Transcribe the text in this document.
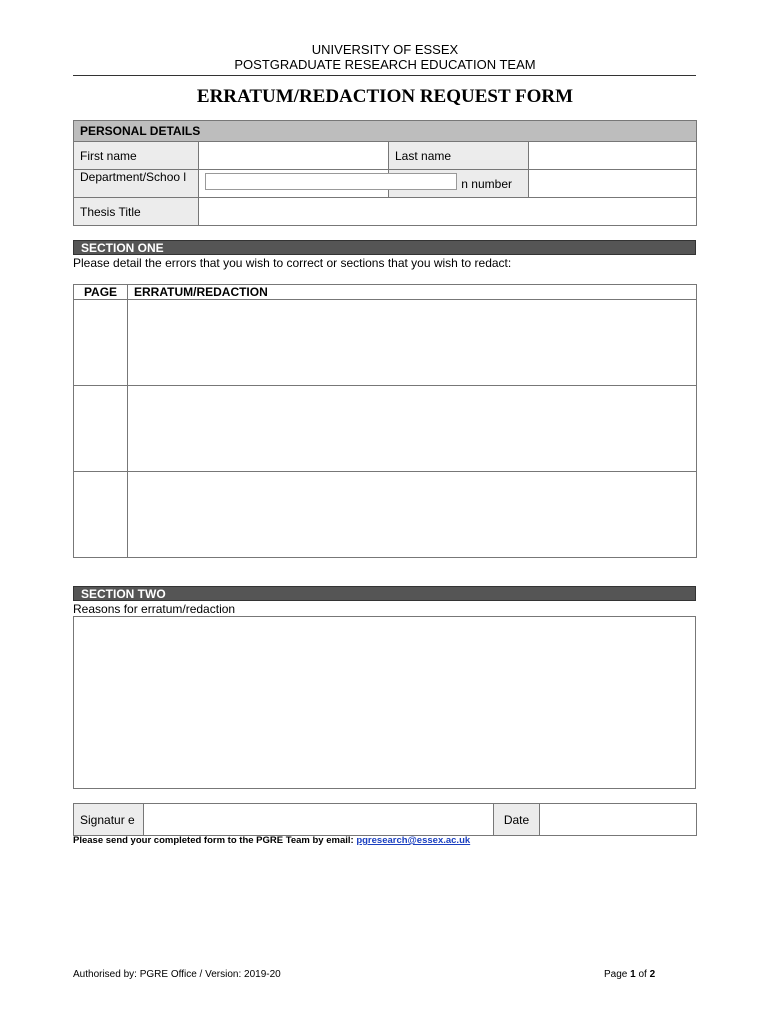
UNIVERSITY OF ESSEX
POSTGRADUATE RESEARCH EDUCATION TEAM
ERRATUM/REDACTION REQUEST FORM
PERSONAL DETAILS			
First name		Last name	
Department/Schoo l		n number	
Thesis Title			
SECTION ONE
Please detail the errors that you wish to correct or sections that you wish to redact:
PAGE	ERRATUM/REDACTION

SECTION TWO
Reasons for erratum/redaction
Signatur e		Date	
Please send your completed form to the PGRE Team by email: pgresearch@essex.ac.uk
Authorised by: PGRE Office / Version: 2019-20	Page 1 of 2
